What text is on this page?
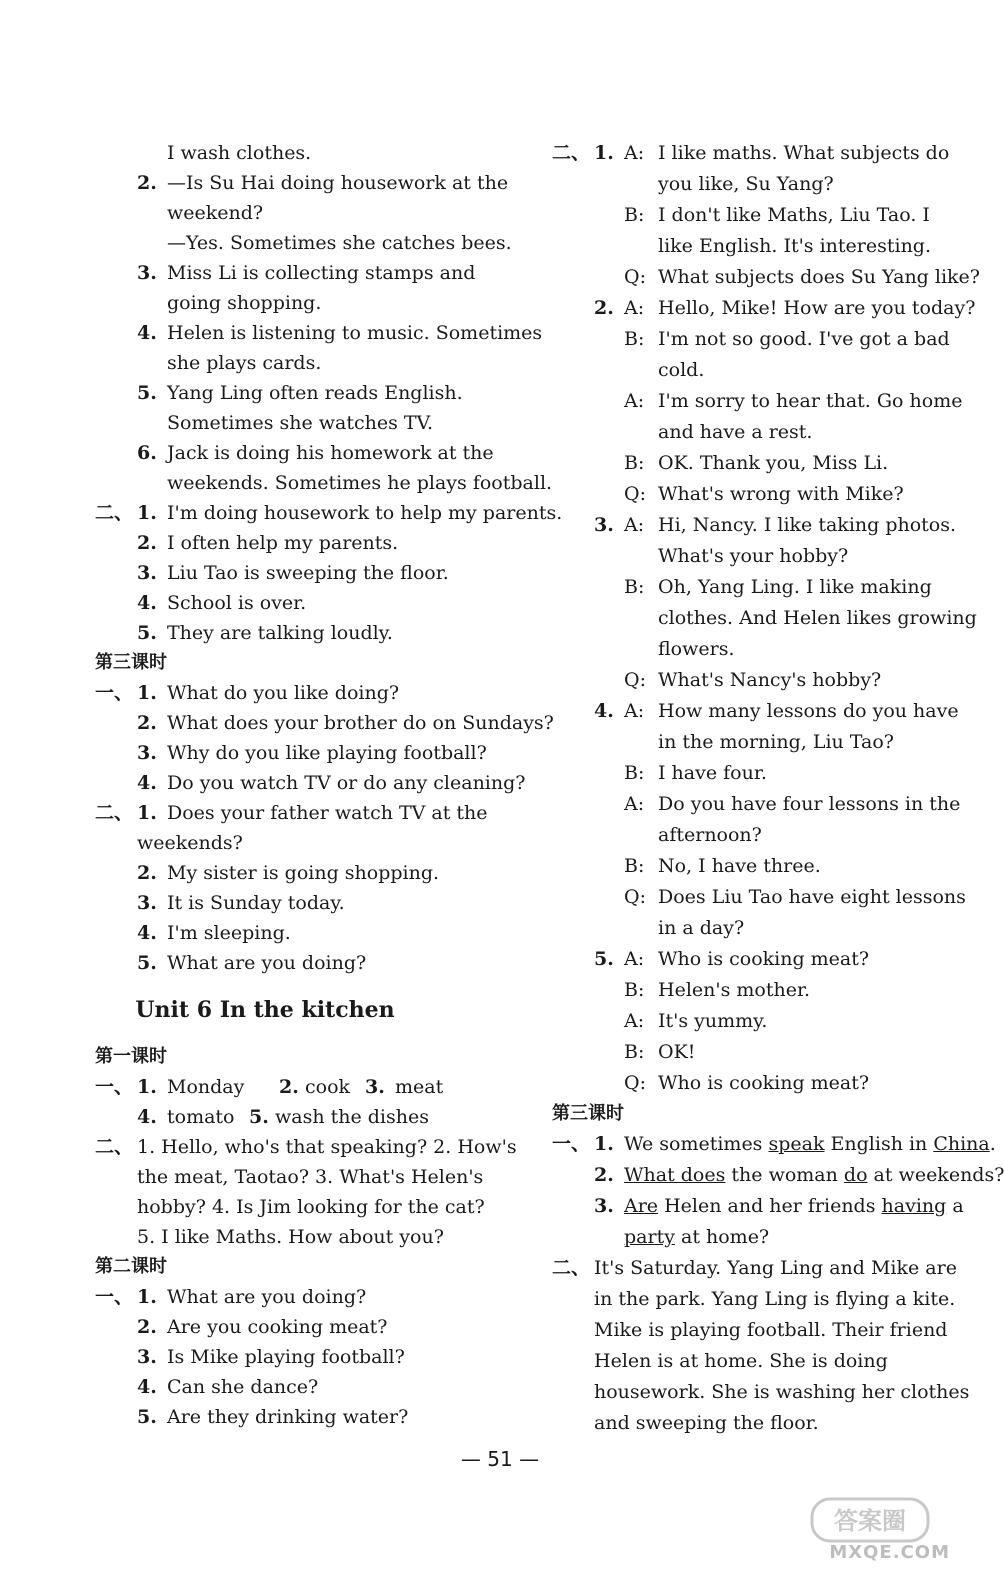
I wash clothes.
2. —Is Su Hai doing housework at the
weekend?
—Yes. Sometimes she catches bees.
3. Miss Li is collecting stamps and
going shopping.
4. Helen is listening to music. Sometimes
she plays cards.
5. Yang Ling often reads English.
Sometimes she watches TV.
6. Jack is doing his homework at the
weekends. Sometimes he plays football.
二、 1. I'm doing housework to help my parents.
2. I often help my parents.
3. Liu Tao is sweeping the floor.
4. School is over.
5. They are talking loudly.
第三课时
一、 1. What do you like doing?
2. What does your brother do on Sundays?
3. Why do you like playing football?
4. Do you watch TV or do any cleaning?
二、 1. Does your father watch TV at the
weekends?
2. My sister is going shopping.
3. It is Sunday today.
4. I'm sleeping.
5. What are you doing?
Unit 6 In the kitchen
第一课时
一、 1. Monday	2. cook 3. meat
4. tomato 5. wash the dishes
二、 1. Hello, who's that speaking? 2. How's
the meat, Taotao? 3. What's Helen's
hobby? 4. Is Jim looking for the cat?
5. I like Maths. How about you?
第二课时
一、 1. What are you doing?
2. Are you cooking meat?
3. Is Mike playing football?
4. Can she dance?
5. Are they drinking water?
二、 1. A: I like maths. What subjects do
you like, Su Yang?
B: I don't like Maths, Liu Tao. I
like English. It's interesting.
Q: What subjects does Su Yang like?
2. A: Hello, Mike! How are you today?
B: I'm not so good. I've got a bad
cold.
A: I'm sorry to hear that. Go home
and have a rest.
B: OK. Thank you, Miss Li.
Q: What's wrong with Mike?
3. A: Hi, Nancy. I like taking photos.
What's your hobby?
B: Oh, Yang Ling. I like making
clothes. And Helen likes growing
flowers.
Q: What's Nancy's hobby?
4. A: How many lessons do you have
in the morning, Liu Tao?
B: I have four.
A: Do you have four lessons in the
afternoon?
B: No, I have three.
Q: Does Liu Tao have eight lessons
in a day?
5. A: Who is cooking meat?
B: Helen's mother.
A: It's yummy.
B: OK!
Q: Who is cooking meat?
第三课时
一、 1. We sometimes speak English in China.
2. What does the woman do at weekends?
3. Are Helen and her friends having a
party at home?
二、 It's Saturday. Yang Ling and Mike are
in the park. Yang Ling is flying a kite.
Mike is playing football. Their friend
Helen is at home. She is doing
housework. She is washing her clothes
and sweeping the floor.
— 51 —
答案圈
MXQE.COM
